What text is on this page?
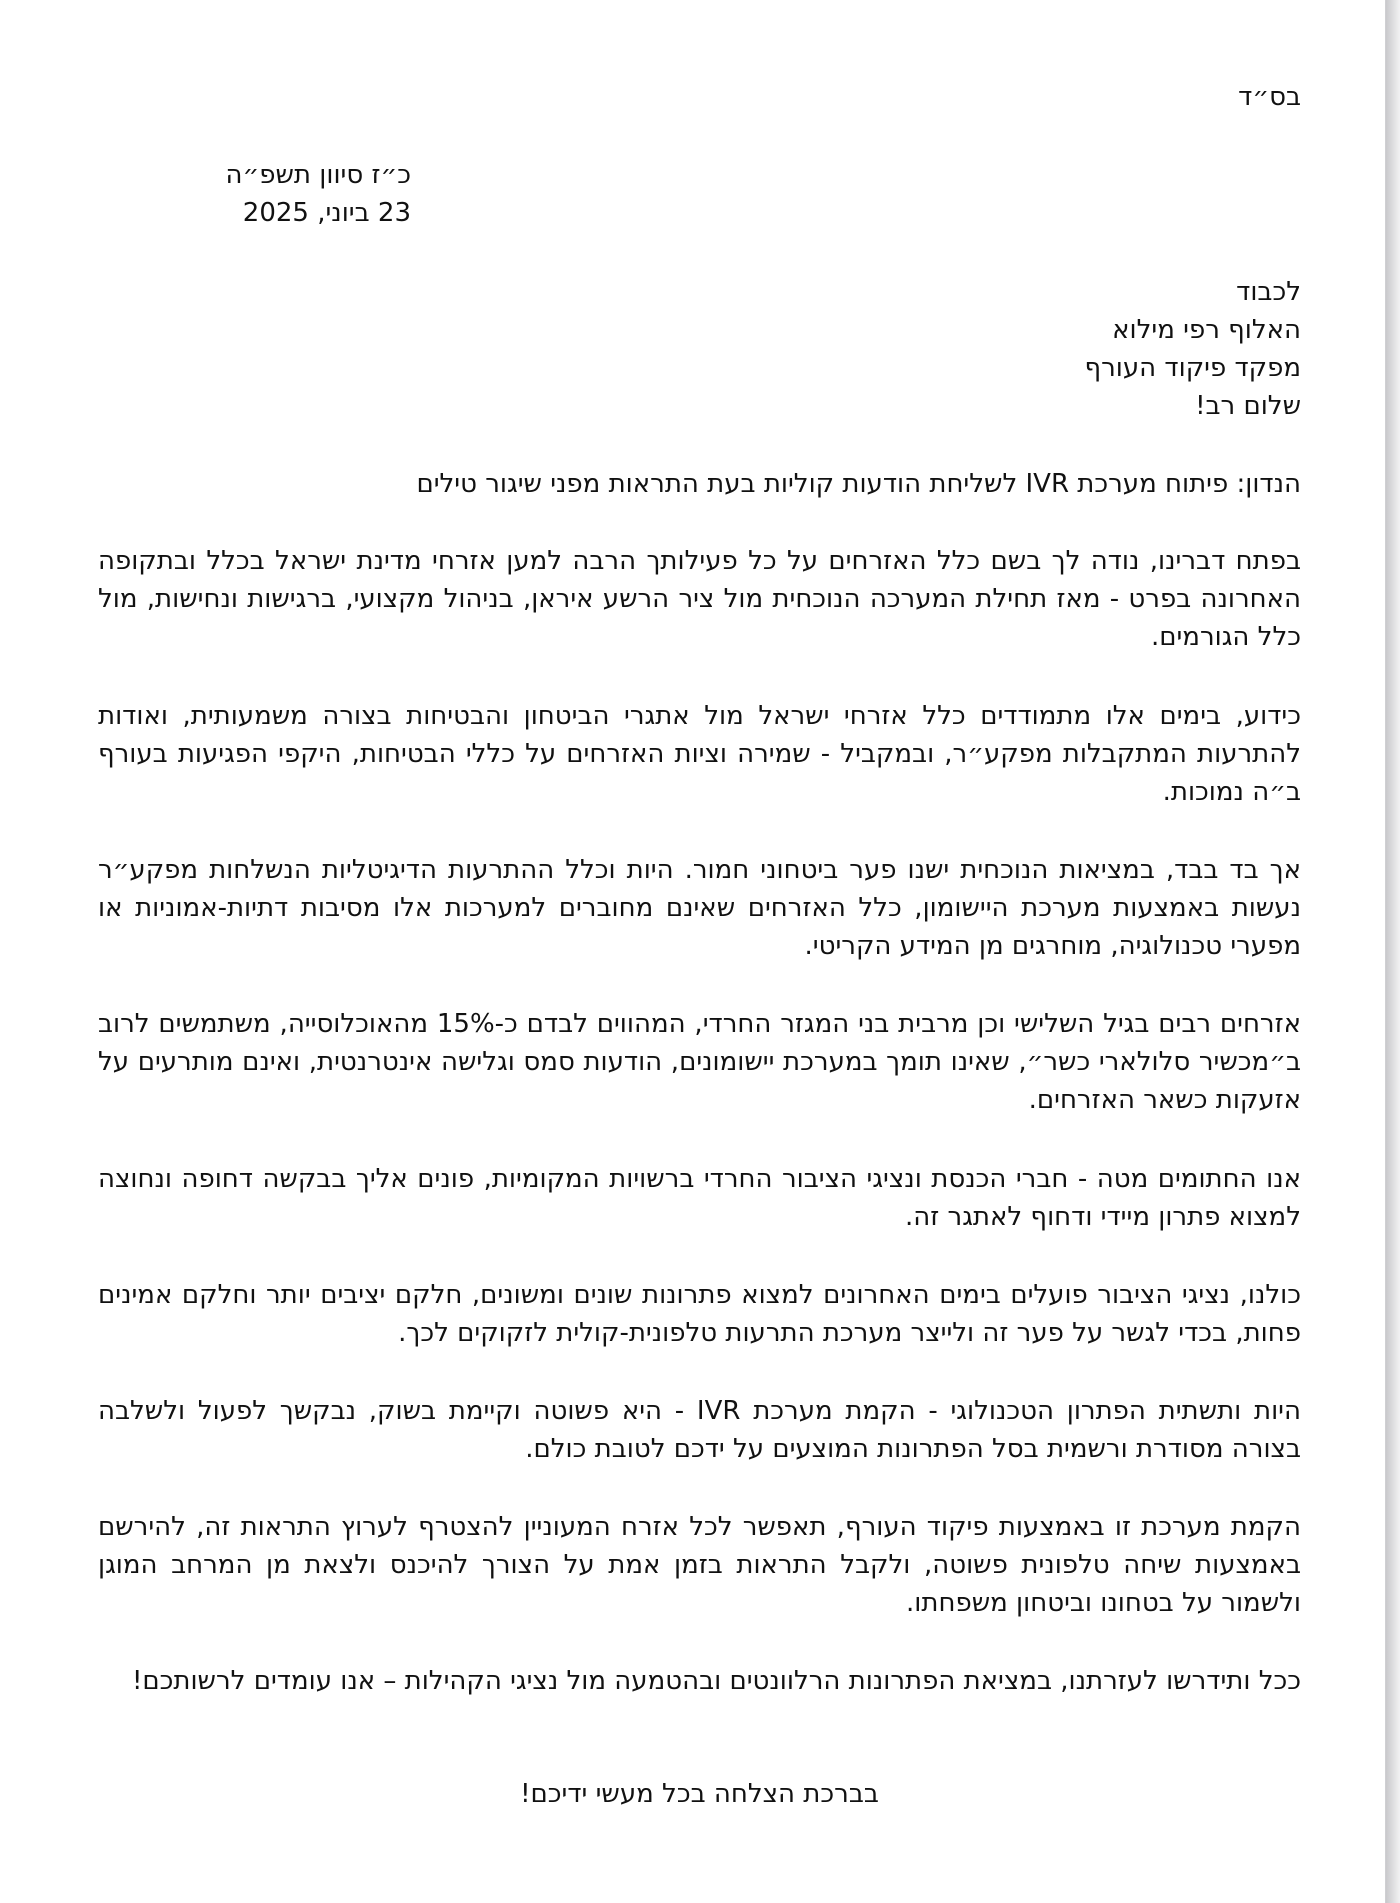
בס״ד
כ״ז סיוון תשפ״ה
23 ביוני, 2025
לכבוד
האלוף רפי מילוא
מפקד פיקוד העורף
שלום רב!
הנדון: פיתוח מערכת IVR לשליחת הודעות קוליות בעת התראות מפני שיגור טילים

בפתח דברינו, נודה לך בשם כלל האזרחים על כל פעילותך הרבה למען אזרחי מדינת ישראל בכלל ובתקופה האחרונה בפרט - מאז תחילת המערכה הנוכחית מול ציר הרשע איראן, בניהול מקצועי, ברגישות ונחישות, מול כלל הגורמים.

כידוע, בימים אלו מתמודדים כלל אזרחי ישראל מול אתגרי הביטחון והבטיחות בצורה משמעותית, ואודות להתרעות המתקבלות מפקע״ר, ובמקביל - שמירה וציות האזרחים על כללי הבטיחות, היקפי הפגיעות בעורף ב״ה נמוכות.

אך בד בבד, במציאות הנוכחית ישנו פער ביטחוני חמור. היות וכלל ההתרעות הדיגיטליות הנשלחות מפקע״ר נעשות באמצעות מערכת היישומון, כלל האזרחים שאינם מחוברים למערכות אלו מסיבות דתיות-אמוניות או מפערי טכנולוגיה, מוחרגים מן המידע הקריטי.

אזרחים רבים בגיל השלישי וכן מרבית בני המגזר החרדי, המהווים לבדם כ-15% מהאוכלוסייה, משתמשים לרוב ב״מכשיר סלולארי כשר״, שאינו תומך במערכת יישומונים, הודעות סמס וגלישה אינטרנטית, ואינם מותרעים על אזעקות כשאר האזרחים.

אנו החתומים מטה - חברי הכנסת ונציגי הציבור החרדי ברשויות המקומיות, פונים אליך בבקשה דחופה ונחוצה למצוא פתרון מיידי ודחוף לאתגר זה.

כולנו, נציגי הציבור פועלים בימים האחרונים למצוא פתרונות שונים ומשונים, חלקם יציבים יותר וחלקם אמינים פחות, בכדי לגשר על פער זה ולייצר מערכת התרעות טלפונית-קולית לזקוקים לכך.

היות ותשתית הפתרון הטכנולוגי - הקמת מערכת IVR - היא פשוטה וקיימת בשוק, נבקשך לפעול ולשלבה בצורה מסודרת ורשמית בסל הפתרונות המוצעים על ידכם לטובת כולם.

הקמת מערכת זו באמצעות פיקוד העורף, תאפשר לכל אזרח המעוניין להצטרף לערוץ התראות זה, להירשם באמצעות שיחה טלפונית פשוטה, ולקבל התראות בזמן אמת על הצורך להיכנס ולצאת מן המרחב המוגן ולשמור על בטחונו וביטחון משפחתו.

ככל ותידרשו לעזרתנו, במציאת הפתרונות הרלוונטים ובהטמעה מול נציגי הקהילות – אנו עומדים לרשותכם!

בברכת הצלחה בכל מעשי ידיכם!
